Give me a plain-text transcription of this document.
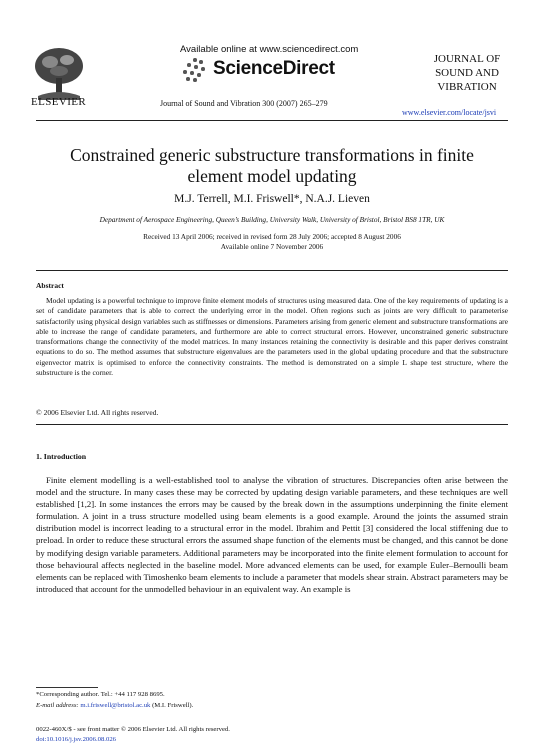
Available online at www.sciencedirect.com
ScienceDirect
ELSEVIER	Journal of Sound and Vibration 300 (2007) 265–279
JOURNAL OF
SOUND AND
VIBRATION
www.elsevier.com/locate/jsvi
Constrained generic substructure transformations in finite
element model updating
M.J. Terrell, M.I. Friswell*, N.A.J. Lieven
Department of Aerospace Engineering, Queen’s Building, University Walk, University of Bristol, Bristol BS8 1TR, UK
Received 13 April 2006; received in revised form 28 July 2006; accepted 8 August 2006
Available online 7 November 2006
Abstract

Model updating is a powerful technique to improve finite element models of structures using measured data. One of the key requirements of updating is a set of candidate parameters that is able to correct the underlying error in the model. Often regions such as joints are very difficult to parameterise satisfactorily using physical design variables such as stiffnesses or dimensions. Parameters arising from generic element and substructure transformations are able to increase the range of candidate parameters, and furthermore are able to correct structural errors. However, unconstrained generic substructure transformations change the connectivity of the model matrices. In many instances retaining the connectivity is desirable and this paper derives constraint equations to do so. The method assumes that substructure eigenvalues are the parameters used in the global updating procedure and that the substructure eigenvector matrix is optimised to enforce the connectivity constraints. The method is demonstrated on a simple L shape test structure, where the substructure is the corner.

© 2006 Elsevier Ltd. All rights reserved.
1. Introduction

Finite element modelling is a well-established tool to analyse the vibration of structures. Discrepancies often arise between the model and the structure. In many cases these may be corrected by updating design variable parameters, and these techniques are well established [1,2]. In some instances the errors may be caused by the break down in the assumptions underpinning the finite element formulation. A joint in a truss structure modelled using beam elements is a good example. Around the joints the assumed strain distribution model is incorrect leading to a structural error in the model. Ibrahim and Pettit [3] considered the local stiffening due to preload. In order to reduce these structural errors the assumed shape function of the elements must be changed, and this cannot be done by modifying design variable parameters. Additional parameters may be incorporated into the finite element formulation to account for those behavioural affects neglected in the baseline model. More advanced elements can be used, for example Euler–Bernoulli beam elements can be replaced with Timoshenko beam elements to include a parameter that models shear strain. Abstract parameters may be introduced that account for the unmodelled behaviour in an equivalent way. An example is

*Corresponding author. Tel.: +44 117 928 8695.
E-mail address: m.i.friswell@bristol.ac.uk (M.I. Friswell).
0022-460X/$ - see front matter © 2006 Elsevier Ltd. All rights reserved.
doi:10.1016/j.jsv.2006.08.026
